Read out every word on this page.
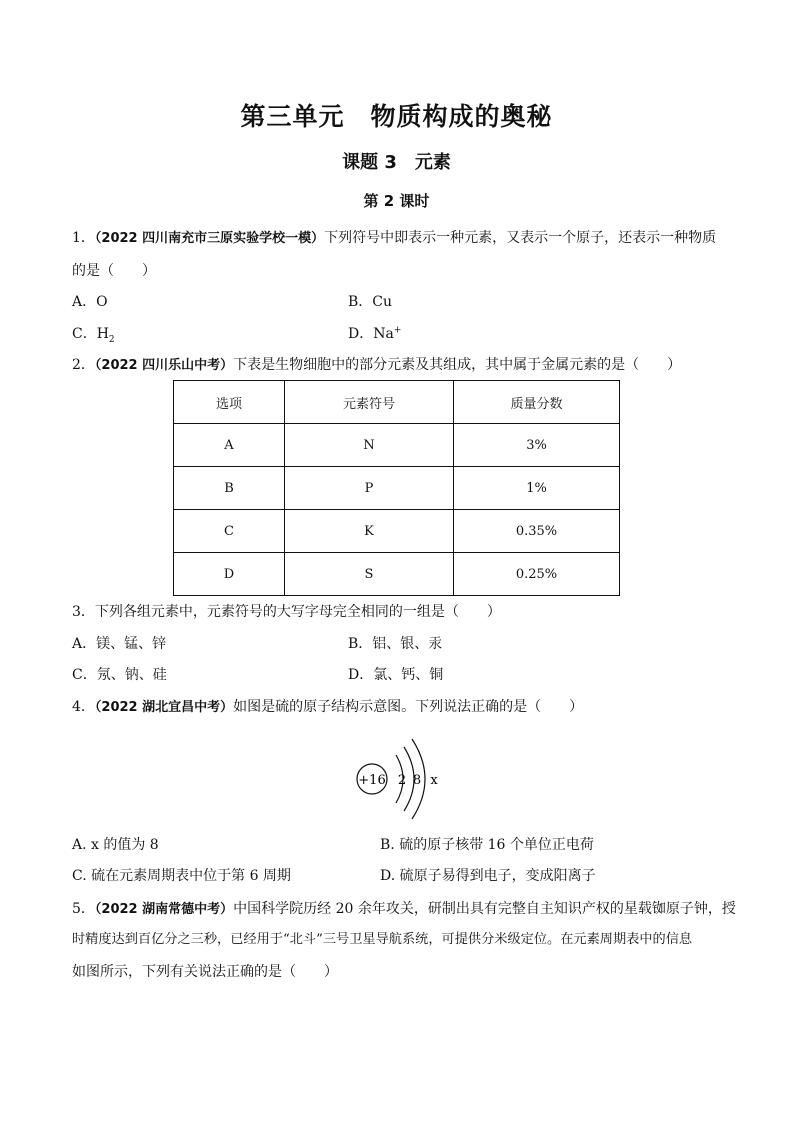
第三单元　物质构成的奥秘
课题 3　元素
第 2 课时
1．（2022 四川南充市三原实验学校一模）下列符号中即表示一种元素，又表示一个原子，还表示一种物质
的是（　　）
A．O	B．Cu
C．$H_2$	D．Na+
2．（2022 四川乐山中考）下表是生物细胞中的部分元素及其组成，其中属于金属元素的是（　　）
选项	元素符号	质量分数
A	N	3%
B	P	1%
C	K	0.35%
D	S	0.25%
3．下列各组元素中，元素符号的大写字母完全相同的一组是（　　）
A．镁、锰、锌	B．铝、银、汞
C．氖、钠、硅	D．氯、钙、铜
4．（2022 湖北宜昌中考）如图是硫的原子结构示意图。下列说法正确的是（　　）
+16 2 8 x
A. x 的值为 8	B. 硫的原子核带 16 个单位正电荷
C. 硫在元素周期表中位于第 6 周期	D. 硫原子易得到电子，变成阳离子
5．（2022 湖南常德中考）中国科学院历经 20 余年攻关，研制出具有完整自主知识产权的星载铷原子钟，授
时精度达到百亿分之三秒，已经用于“北斗”三号卫星导航系统，可提供分米级定位。在元素周期表中的信息
如图所示，下列有关说法正确的是（　　）
